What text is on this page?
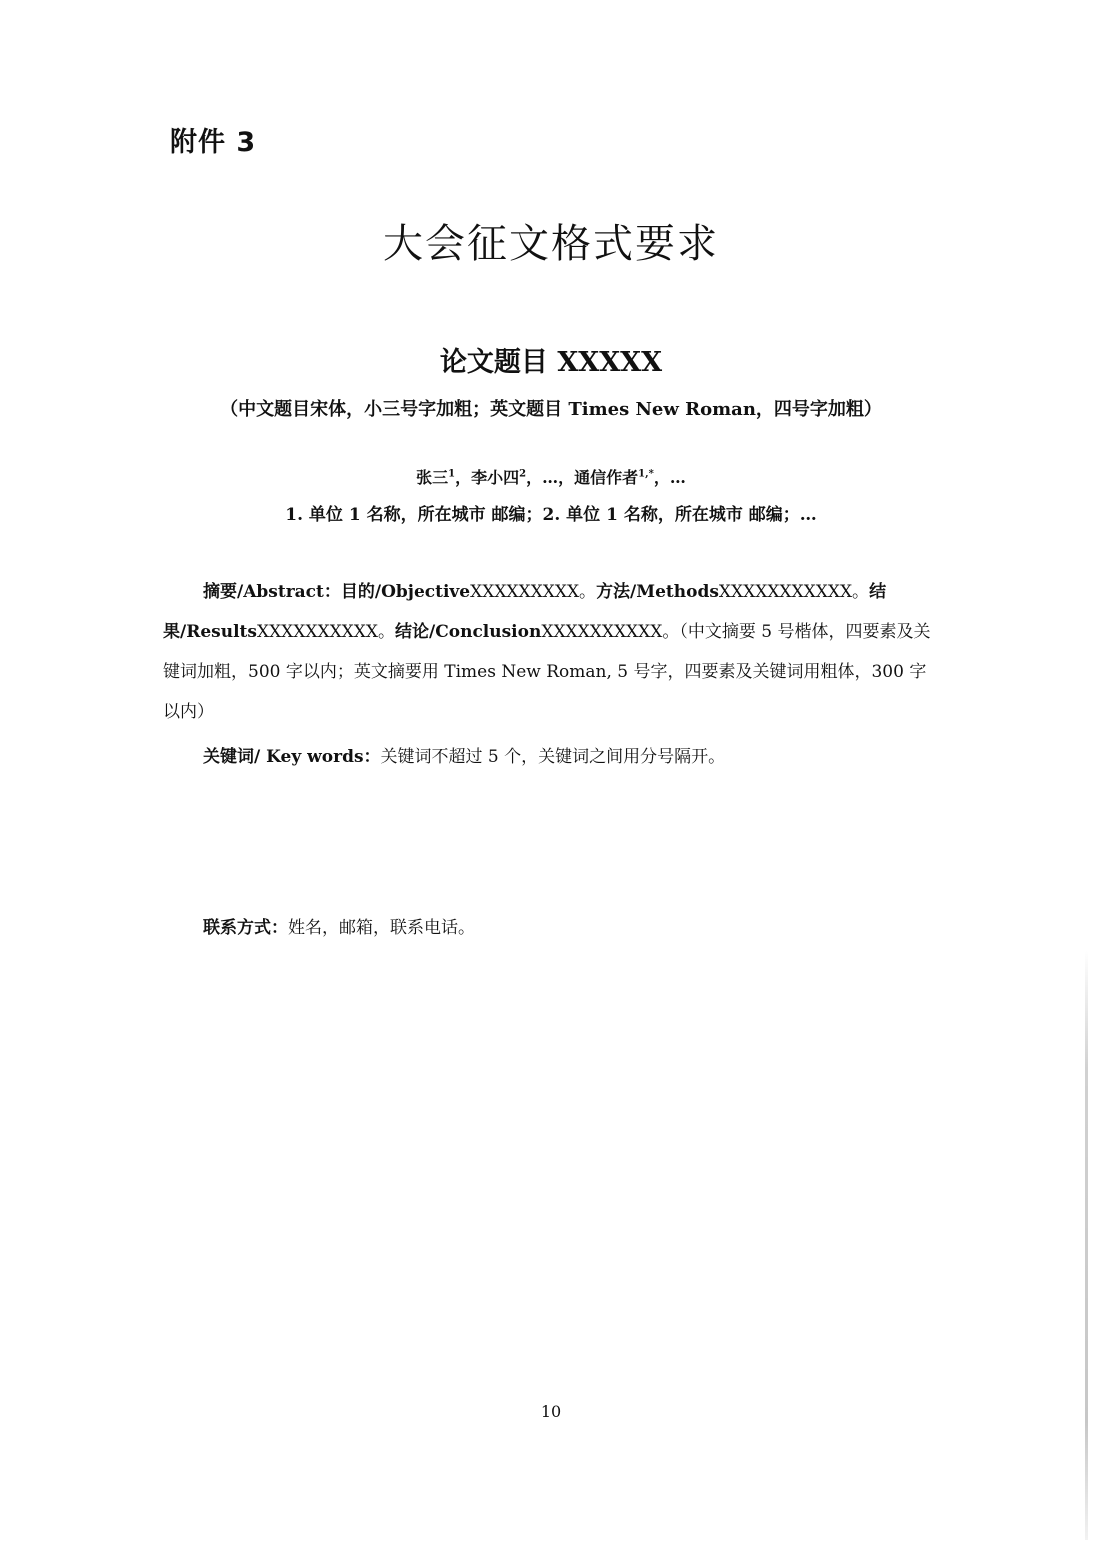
附件 3
大会征文格式要求
论文题目 XXXXX
（中文题目宋体，小三号字加粗；英文题目 Times New Roman，四号字加粗）
张三$^1$，李小四$^2$，…，通信作者$^{1,*}$，…
1. 单位 1 名称，所在城市 邮编；2. 单位 1 名称，所在城市 邮编；…

摘要/Abstract：目的/ObjectiveXXXXXXXXX。方法/MethodsXXXXXXXXXXX。结果/ResultsXXXXXXXXXX。结论/ConclusionXXXXXXXXXX。（中文摘要 5 号楷体，四要素及关键词加粗，500 字以内；英文摘要用 Times New Roman, 5 号字，四要素及关键词用粗体，300 字以内）

关键词/ Key words：关键词不超过 5 个，关键词之间用分号隔开。
联系方式：姓名，邮箱，联系电话。
10
